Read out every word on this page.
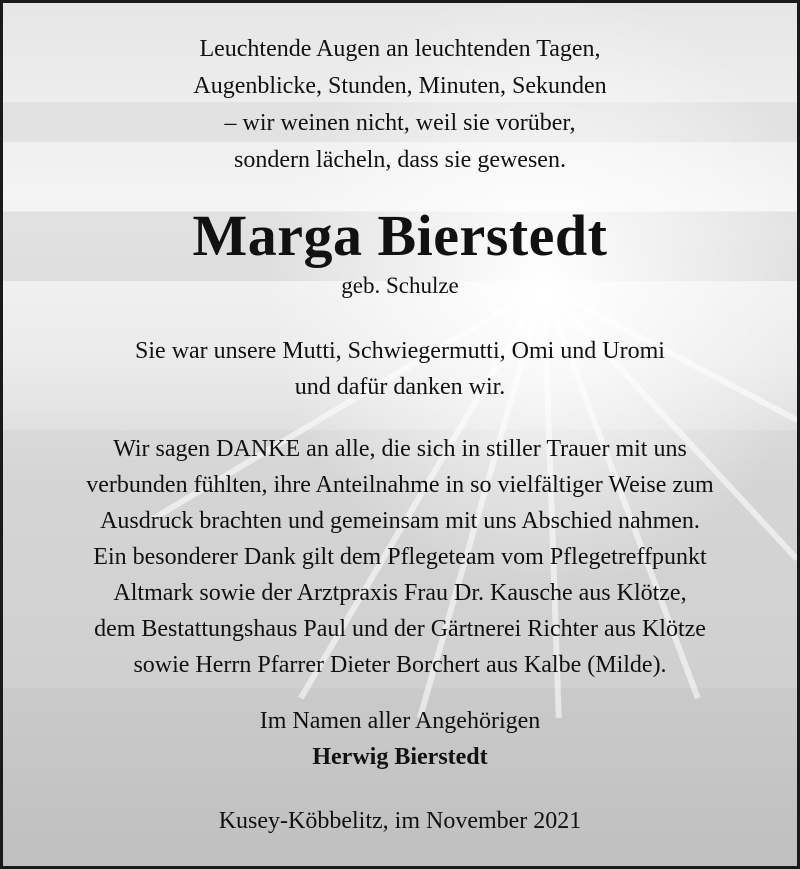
Leuchtende Augen an leuchtenden Tagen,
Augenblicke, Stunden, Minuten, Sekunden
– wir weinen nicht, weil sie vorüber,
sondern lächeln, dass sie gewesen.
Marga Bierstedt
geb. Schulze
Sie war unsere Mutti, Schwiegermutti, Omi und Uromi
und dafür danken wir.
Wir sagen DANKE an alle, die sich in stiller Trauer mit uns
verbunden fühlten, ihre Anteilnahme in so vielfältiger Weise zum
Ausdruck brachten und gemeinsam mit uns Abschied nahmen.
Ein besonderer Dank gilt dem Pflegeteam vom Pflegetreffpunkt
Altmark sowie der Arztpraxis Frau Dr. Kausche aus Klötze,
dem Bestattungshaus Paul und der Gärtnerei Richter aus Klötze
sowie Herrn Pfarrer Dieter Borchert aus Kalbe (Milde).
Im Namen aller Angehörigen
Herwig Bierstedt
Kusey-Köbbelitz, im November 2021
